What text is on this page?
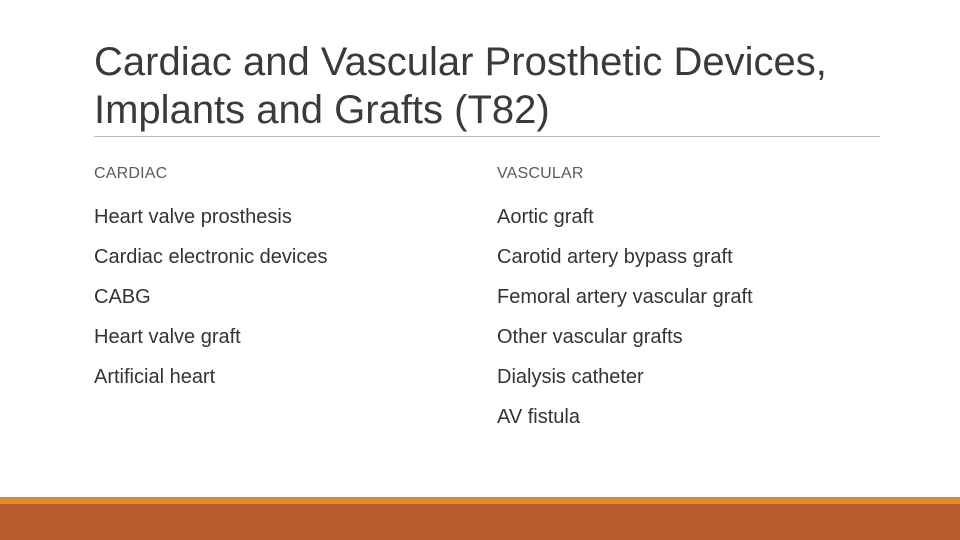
Cardiac and Vascular Prosthetic Devices,
Implants and Grafts (T82)
CARDIAC
Heart valve prosthesis
Cardiac electronic devices
CABG
Heart valve graft
Artificial heart
VASCULAR
Aortic graft
Carotid artery bypass graft
Femoral artery vascular graft
Other vascular grafts
Dialysis catheter
AV fistula
